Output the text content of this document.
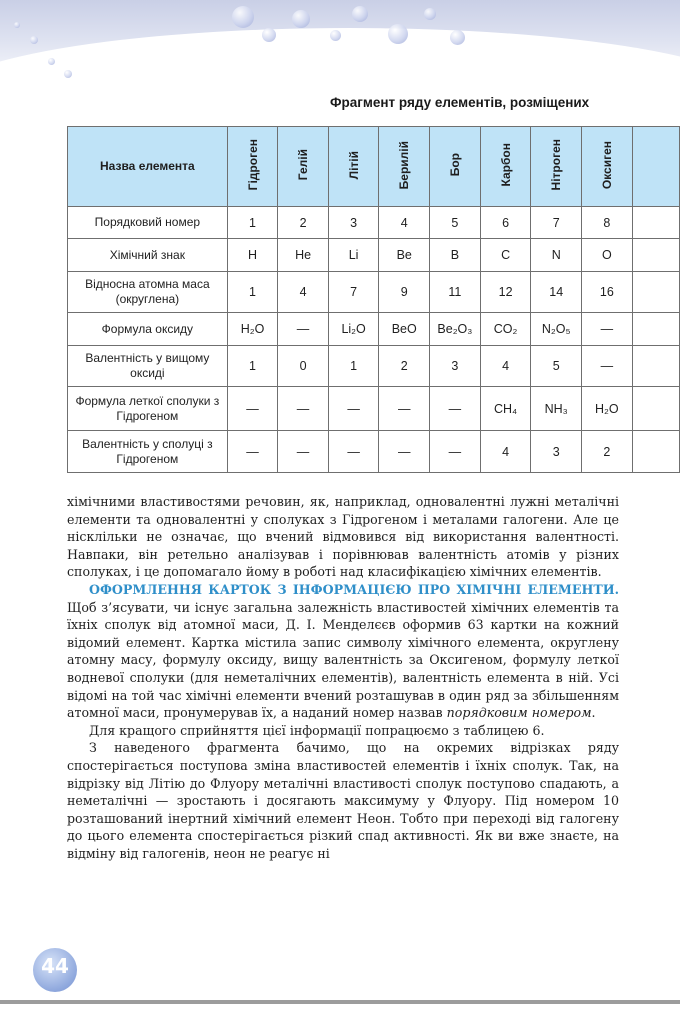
Фрагмент ряду елементів, розміщених
Назва елемента	Гідроген	Гелій	Літій	Берилій	Бор	Карбон	Нітроген	Оксиген	
Порядковий номер	1	2	3	4	5	6	7	8	
Хімічний знак	H	He	Li	Be	B	C	N	O	
Відносна атомна маса (округлена)	1	4	7	9	11	12	14	16	
Формула оксиду	H₂O	—	Li₂O	BeO	Be₂O₃	CO₂	N₂O₅	—	
Валентність у вищому оксиді	1	0	1	2	3	4	5	—	
Формула леткої сполуки з Гідрогеном	—	—	—	—	—	CH₄	NH₃	H₂O	
Валентність у сполуці з Гідрогеном	—	—	—	—	—	4	3	2	

хімічними властивостями речовин, як, наприклад, одновалентні лужні металічні елементи та одновалентні у сполуках з Гідрогеном і металами галогени. Але це нісклільки не означає, що вчений відмовився від використання валентності. Навпаки, він ретельно аналізував і порівнював валентність атомів у різних сполуках, і це допомагало йому в роботі над класифікацією хімічних елементів.

ОФОРМЛЕННЯ КАРТОК З ІНФОРМАЦІЄЮ ПРО ХІМІЧНІ ЕЛЕМЕНТИ. Щоб з’ясувати, чи існує загальна залежність властивостей хімічних елементів та їхніх сполук від атомної маси, Д. І. Менделєєв оформив 63 картки на кожний відомий елемент. Картка містила запис символу хімічного елемента, округлену атомну масу, формулу оксиду, вищу валентність за Оксигеном, формулу леткої водневої сполуки (для неметалічних елементів), валентність елемента в ній. Усі відомі на той час хімічні елементи вчений розташував в один ряд за збільшенням атомної маси, пронумерував їх, а наданий номер назвав порядковим номером.

Для кращого сприйняття цієї інформації попрацюємо з таблицею 6.

З наведеного фрагмента бачимо, що на окремих відрізках ряду спостерігається поступова зміна властивостей елементів і їхніх сполук. Так, на відрізку від Літію до Флуору металічні властивості сполук поступово спадають, а неметалічні — зростають і досягають максимуму у Флуору. Під номером 10 розташований інертний хімічний елемент Неон. Тобто при переході від галогену до цього елемента спостерігається різкий спад активності. Як ви вже знаєте, на відміну від галогенів, неон не реагує ні

44
